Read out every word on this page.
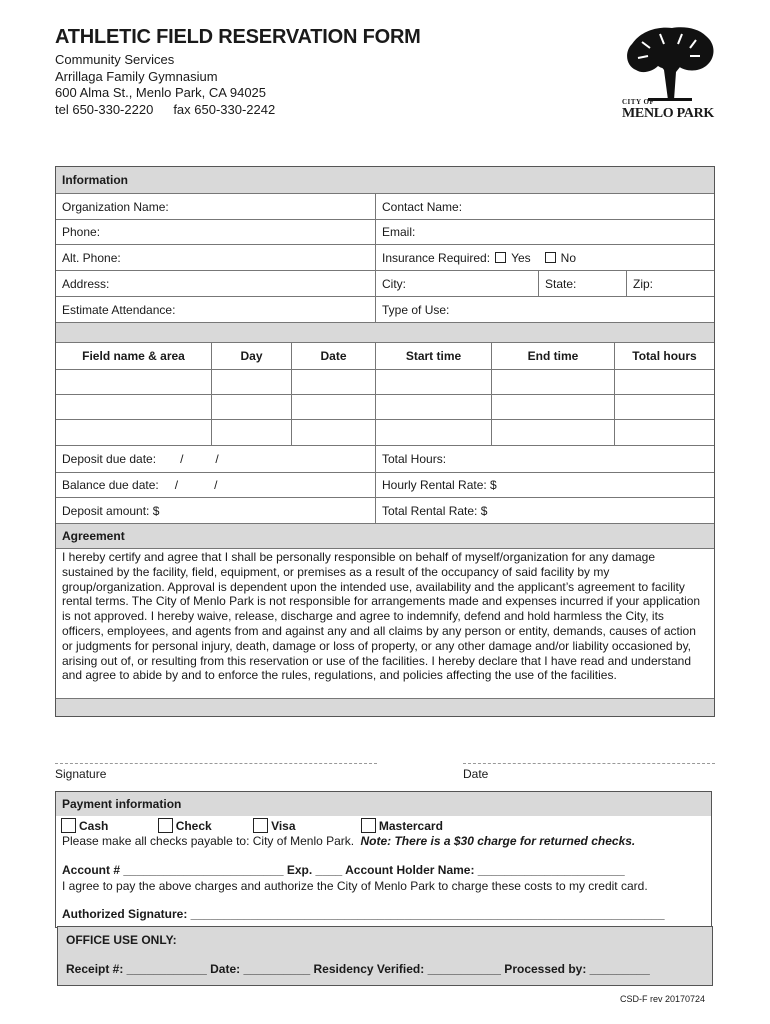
ATHLETIC FIELD RESERVATION FORM
Community Services
Arrillaga Family Gymnasium
600 Alma St., Menlo Park, CA 94025
tel 650-330-2220 fax 650-330-2242	CITY OF
MENLO PARK
Information
Organization Name:	Contact Name:
Phone:	Email:
Alt. Phone:	Insurance Required: Yes	No
Address:	City:	State:	Zip:
Estimate Attendance:	Type of Use:
Field name & area	Day	Date	Start time	End time	Total hours
Deposit due date: /	/	Total Hours:
Balance due date: /	/	Hourly Rental Rate: $
Deposit amount: $	Total Rental Rate: $
Agreement
I hereby certify and agree that I shall be personally responsible on behalf of myself/organization for any damage sustained by the facility, field, equipment, or premises as a result of the occupancy of said facility by my group/organization. Approval is dependent upon the intended use, availability and the applicant’s agreement to facility rental terms. The City of Menlo Park is not responsible for arrangements made and expenses incurred if your application is not approved. I hereby waive, release, discharge and agree to indemnify, defend and hold harmless the City, its officers, employees, and agents from and against any and all claims by any person or entity, demands, causes of action or judgments for personal injury, death, damage or loss of property, or any other damage and/or liability occasioned by, arising out of, or resulting from this reservation or use of the facilities. I hereby declare that I have read and understand and agree to abide by and to enforce the rules, regulations, and policies affecting the use of the facilities.
Signature	Date
Payment information
Cash	Check	Visa	Mastercard
Please make all checks payable to: City of Menlo Park. Note: There is a $30 charge for returned checks.
Account # ________________________ Exp. ____ Account Holder Name: ______________________
I agree to pay the above charges and authorize the City of Menlo Park to charge these costs to my credit card.
Authorized Signature: _______________________________________________________________________
OFFICE USE ONLY:
Receipt #: ____________ Date: __________ Residency Verified: ___________ Processed by: _________
CSD-F rev 20170724
